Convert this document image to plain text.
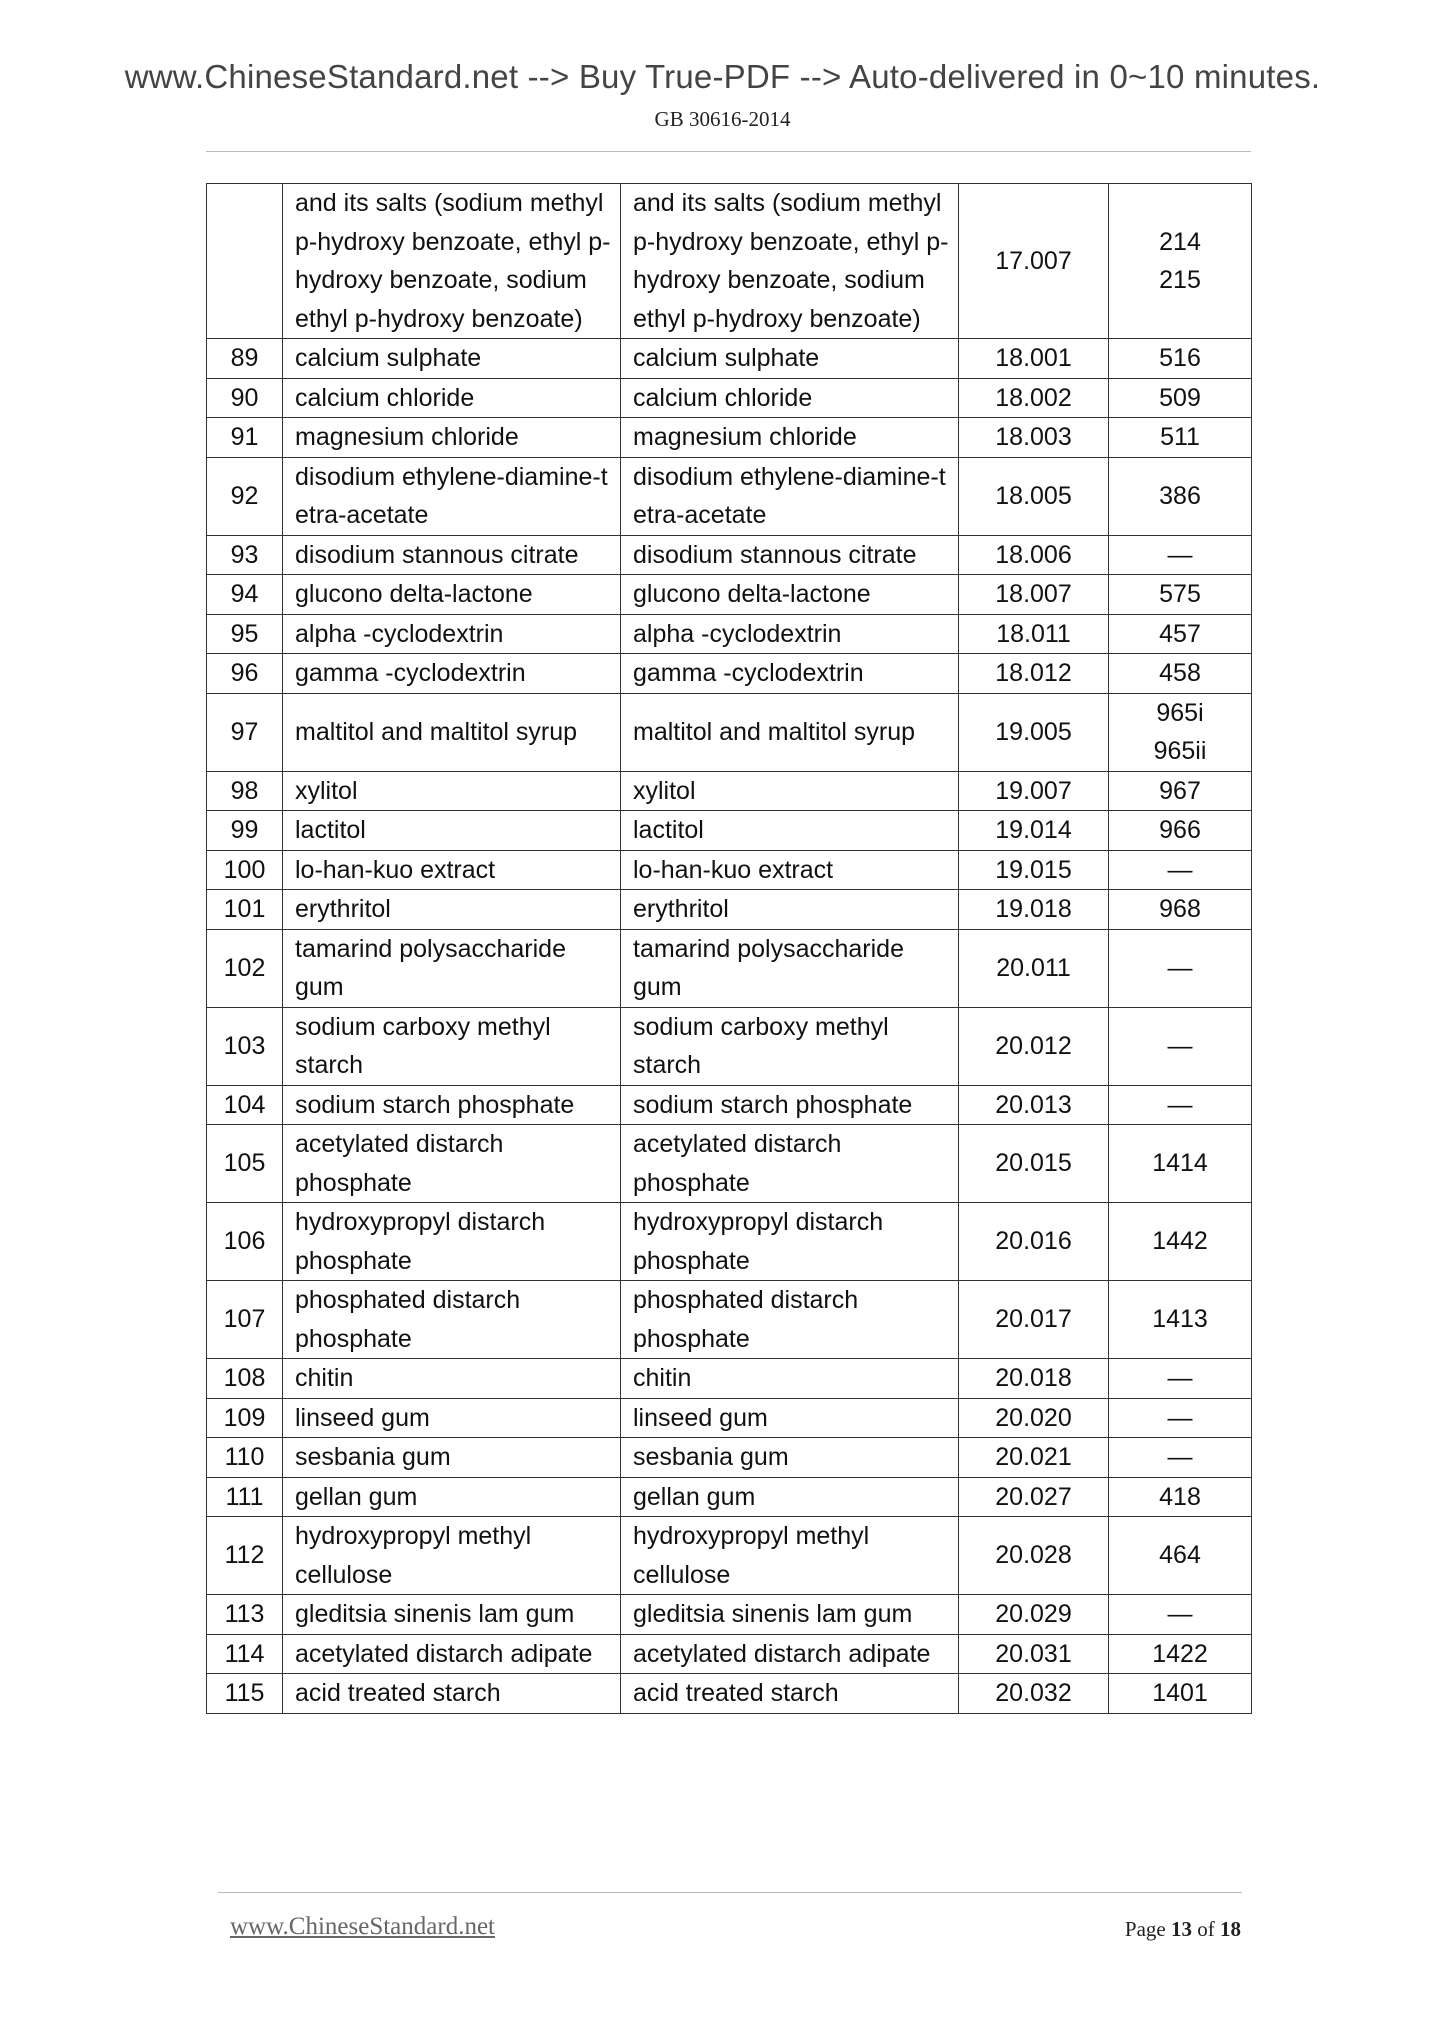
www.ChineseStandard.net --> Buy True-PDF --> Auto-delivered in 0~10 minutes.
GB 30616-2014
	and its salts (sodium methyl p-hydroxy benzoate, ethyl p-hydroxy benzoate, sodium ethyl p-hydroxy benzoate)	and its salts (sodium methyl p-hydroxy benzoate, ethyl p-hydroxy benzoate, sodium ethyl p-hydroxy benzoate)	17.007	214
215
89	calcium sulphate	calcium sulphate	18.001	516
90	calcium chloride	calcium chloride	18.002	509
91	magnesium chloride	magnesium chloride	18.003	511
92	disodium ethylene-diamine-tetra-acetate	disodium ethylene-diamine-tetra-acetate	18.005	386
93	disodium stannous citrate	disodium stannous citrate	18.006	—
94	glucono delta-lactone	glucono delta-lactone	18.007	575
95	alpha -cyclodextrin	alpha -cyclodextrin	18.011	457
96	gamma -cyclodextrin	gamma -cyclodextrin	18.012	458
97	maltitol and maltitol syrup	maltitol and maltitol syrup	19.005	965i
965ii
98	xylitol	xylitol	19.007	967
99	lactitol	lactitol	19.014	966
100	lo-han-kuo extract	lo-han-kuo extract	19.015	—
101	erythritol	erythritol	19.018	968
102	tamarind polysaccharide gum	tamarind polysaccharide gum	20.011	—
103	sodium carboxy methyl starch	sodium carboxy methyl starch	20.012	—
104	sodium starch phosphate	sodium starch phosphate	20.013	—
105	acetylated distarch phosphate	acetylated distarch phosphate	20.015	1414
106	hydroxypropyl distarch phosphate	hydroxypropyl distarch phosphate	20.016	1442
107	phosphated distarch phosphate	phosphated distarch phosphate	20.017	1413
108	chitin	chitin	20.018	—
109	linseed gum	linseed gum	20.020	—
110	sesbania gum	sesbania gum	20.021	—
111	gellan gum	gellan gum	20.027	418
112	hydroxypropyl methyl cellulose	hydroxypropyl methyl cellulose	20.028	464
113	gleditsia sinenis lam gum	gleditsia sinenis lam gum	20.029	—
114	acetylated distarch adipate	acetylated distarch adipate	20.031	1422
115	acid treated starch	acid treated starch	20.032	1401
www.ChineseStandard.net	Page 13 of 18
